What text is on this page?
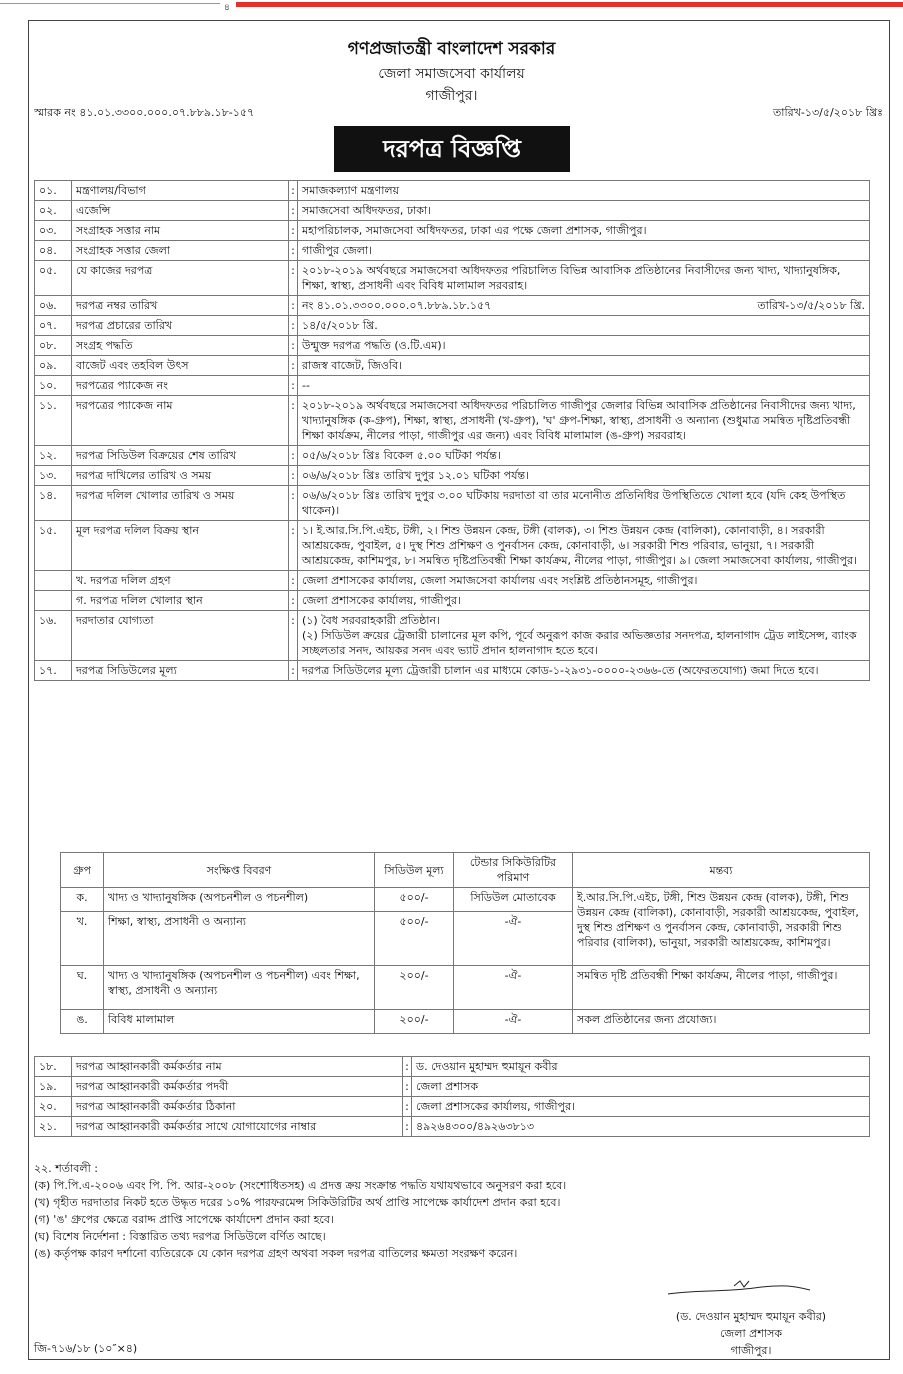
৪
গণপ্রজাতন্ত্রী বাংলাদেশ সরকার
জেলা সমাজসেবা কার্যালয়
গাজীপুর।
স্মারক নং ৪১.০১.৩৩০০.০০০.০৭.৮৮৯.১৮-১৫৭	তারিখ-১৩/৫/২০১৮ খ্রিঃ
দরপত্র বিজ্ঞপ্তি
০১.	মন্ত্রণালয়/বিভাগ	:	সমাজকল্যাণ মন্ত্রণালয়
০২.	এজেন্সি	:	সমাজসেবা অধিদফতর, ঢাকা।
০৩.	সংগ্রাহক সত্তার নাম	:	মহাপরিচালক, সমাজসেবা অধিদফতর, ঢাকা এর পক্ষে জেলা প্রশাসক, গাজীপুর।
০৪.	সংগ্রাহক সত্তার জেলা	:	গাজীপুর জেলা।
০৫.	যে কাজের দরপত্র	:	২০১৮-২০১৯ অর্থবছরে সমাজসেবা অধিদফতর পরিচালিত বিভিন্ন আবাসিক প্রতিষ্ঠানের নিবাসীদের জন্য খাদ্য, খাদ্যানুষঙ্গিক, শিক্ষা, স্বাস্থ্য, প্রসাধনী এবং বিবিধ মালামাল সরবরাহ।
০৬.	দরপত্র নম্বর তারিখ	:	তারিখ-১৩/৫/২০১৮ খ্রি.
নং ৪১.০১.৩৩০০.০০০.০৭.৮৮৯.১৮.১৫৭
০৭.	দরপত্র প্রচারের তারিখ	:	১৪/৫/২০১৮ খ্রি.
০৮.	সংগ্রহ পদ্ধতি	:	উন্মুক্ত দরপত্র পদ্ধতি (ও.টি.এম)।
০৯.	বাজেট এবং তহবিল উৎস	:	রাজস্ব বাজেট, জিওবি।
১০.	দরপত্রের প্যাকেজ নং	:	--
১১.	দরপত্রের প্যাকেজ নাম	:	২০১৮-২০১৯ অর্থবছরে সমাজসেবা অধিদফতর পরিচালিত গাজীপুর জেলার বিভিন্ন আবাসিক প্রতিষ্ঠানের নিবাসীদের জন্য খাদ্য, খাদ্যানুষঙ্গিক (ক-গ্রুপ), শিক্ষা, স্বাস্থ্য, প্রসাধনী (খ-গ্রুপ), 'ঘ' গ্রুপ-শিক্ষা, স্বাস্থ্য, প্রসাধনী ও অন্যান্য (শুধুমাত্র সমন্বিত দৃষ্টিপ্রতিবন্ধী শিক্ষা কার্যক্রম, নীলের পাড়া, গাজীপুর এর জন্য) এবং বিবিধ মালামাল (ঙ-গ্রুপ) সরবরাহ।
১২.	দরপত্র সিডিউল বিক্রয়ের শেষ তারিখ	:	০৫/৬/২০১৮ খ্রিঃ বিকেল ৫.০০ ঘটিকা পর্যন্ত।
১৩.	দরপত্র দাখিলের তারিখ ও সময়	:	০৬/৬/২০১৮ খ্রিঃ তারিখ দুপুর ১২.০১ ঘটিকা পর্যন্ত।
১৪.	দরপত্র দলিল খোলার তারিখ ও সময়	:	০৬/৬/২০১৮ খ্রিঃ তারিখ দুপুর ৩.০০ ঘটিকায় দরদাতা বা তার মনোনীত প্রতিনিধির উপস্থিতিতে খোলা হবে (যদি কেহ উপস্থিত থাকেন)।
১৫.	মূল দরপত্র দলিল বিক্রয় স্থান	:	১। ই.আর.সি.পি.এইচ, টঙ্গী, ২। শিশু উন্নয়ন কেন্দ্র, টঙ্গী (বালক), ৩। শিশু উন্নয়ন কেন্দ্র (বালিকা), কোনাবাড়ী, ৪। সরকারী আশ্রয়কেন্দ্র, পুবাইল, ৫। দুস্থ শিশু প্রশিক্ষণ ও পুনর্বাসন কেন্দ্র, কোনাবাড়ী, ৬। সরকারী শিশু পরিবার, ভানুয়া, ৭। সরকারী আশ্রয়কেন্দ্র, কাশিমপুর, ৮। সমন্বিত দৃষ্টিপ্রতিবন্ধী শিক্ষা কার্যক্রম, নীলের পাড়া, গাজীপুর। ৯। জেলা সমাজসেবা কার্যালয়, গাজীপুর।
	খ. দরপত্র দলিল গ্রহণ	:	জেলা প্রশাসকের কার্যালয়, জেলা সমাজসেবা কার্যালয় এবং সংশ্লিষ্ট প্রতিষ্ঠানসমূহ, গাজীপুর।
	গ. দরপত্র দলিল খোলার স্থান	:	জেলা প্রশাসকের কার্যালয়, গাজীপুর।
১৬.	দরদাতার যোগ্যতা	:	(১) বৈধ সরবরাহকারী প্রতিষ্ঠান।
(২) সিডিউল ক্রয়ের ট্রেজারী চালানের মূল কপি, পূর্বে অনুরূপ কাজ করার অভিজ্ঞতার সনদপত্র, হালনাগাদ ট্রেড লাইসেন্স, ব্যাংক সচ্ছলতার সনদ, আয়কর সনদ এবং ভ্যাট প্রদান হালনাগাদ হতে হবে।

১৭.	দরপত্র সিডিউলের মূল্য	:	দরপত্র সিডিউলের মূল্য ট্রেজারী চালান এর মাধ্যমে কোড-১-২৯৩১-০০০০-২৩৬৬-তে (অফেরতযোগ্য) জমা দিতে হবে।
গ্রুপ	সংক্ষিপ্ত বিবরণ	সিডিউল মূল্য	টেন্ডার সিকিউরিটির পরিমাণ	মন্তব্য
ক.	খাদ্য ও খাদ্যানুষঙ্গিক (অপচনশীল ও পচনশীল)	৫০০/-	সিডিউল মোতাবেক	ই.আর.সি.পি.এইচ, টঙ্গী, শিশু উন্নয়ন কেন্দ্র (বালক), টঙ্গী, শিশু উন্নয়ন কেন্দ্র (বালিকা), কোনাবাড়ী, সরকারী আশ্রয়কেন্দ্র, পুবাইল, দুস্থ শিশু প্রশিক্ষণ ও পুনর্বাসন কেন্দ্র, কোনাবাড়ী, সরকারী শিশু পরিবার (বালিকা), ভানুয়া, সরকারী আশ্রয়কেন্দ্র, কাশিমপুর।
খ.	শিক্ষা, স্বাস্থ্য, প্রসাধনী ও অন্যান্য	৫০০/-	-ঐ-	
ঘ.	খাদ্য ও খাদ্যানুষঙ্গিক (অপচনশীল ও পচনশীল) এবং শিক্ষা, স্বাস্থ্য, প্রসাধনী ও অন্যান্য	২০০/-	-ঐ-	সমন্বিত দৃষ্টি প্রতিবন্ধী শিক্ষা কার্যক্রম, নীলের পাড়া, গাজীপুর।
ঙ.	বিবিধ মালামাল	২০০/-	-ঐ-	সকল প্রতিষ্ঠানের জন্য প্রযোজ্য।
১৮.	দরপত্র আহ্বানকারী কর্মকর্তার নাম	:	ড. দেওয়ান মুহাম্মদ হুমায়ূন কবীর
১৯.	দরপত্র আহ্বানকারী কর্মকর্তার পদবী	:	জেলা প্রশাসক
২০.	দরপত্র আহ্বানকারী কর্মকর্তার ঠিকানা	:	জেলা প্রশাসকের কার্যালয়, গাজীপুর।
২১.	দরপত্র আহ্বানকারী কর্মকর্তার সাথে যোগাযোগের নাম্বার	:	৪৯২৬৪৩০০/৪৯২৬৩৮১৩
২২. শর্তাবলী :
(ক) পি.পি.এ-২০০৬ এবং পি. পি. আর-২০০৮ (সংশোধিতসহ) এ প্রদত্ত ক্রয় সংক্রান্ত পদ্ধতি যথাযথভাবে অনুসরণ করা হবে।
(খ) গৃহীত দরদাতার নিকট হতে উদ্ধৃত দরের ১০% পারফরমেন্স সিকিউরিটির অর্থ প্রাপ্তি সাপেক্ষে কার্যাদেশ প্রদান করা হবে।
(গ) 'ঙ' গ্রুপের ক্ষেত্রে বরাদ্দ প্রাপ্তি সাপেক্ষে কার্যাদেশ প্রদান করা হবে।
(ঘ) বিশেষ নির্দেশনা : বিস্তারিত তথ্য দরপত্র সিডিউলে বর্ণিত আছে।
(ঙ) কর্তৃপক্ষ কারণ দর্শানো ব্যতিরেকে যে কোন দরপত্র গ্রহণ অথবা সকল দরপত্র বাতিলের ক্ষমতা সংরক্ষণ করেন।
(ড. দেওয়ান মুহাম্মদ হুমায়ূন কবীর)
জেলা প্রশাসক
গাজীপুর।
জি-৭১৬/১৮ (১০″×৪)
